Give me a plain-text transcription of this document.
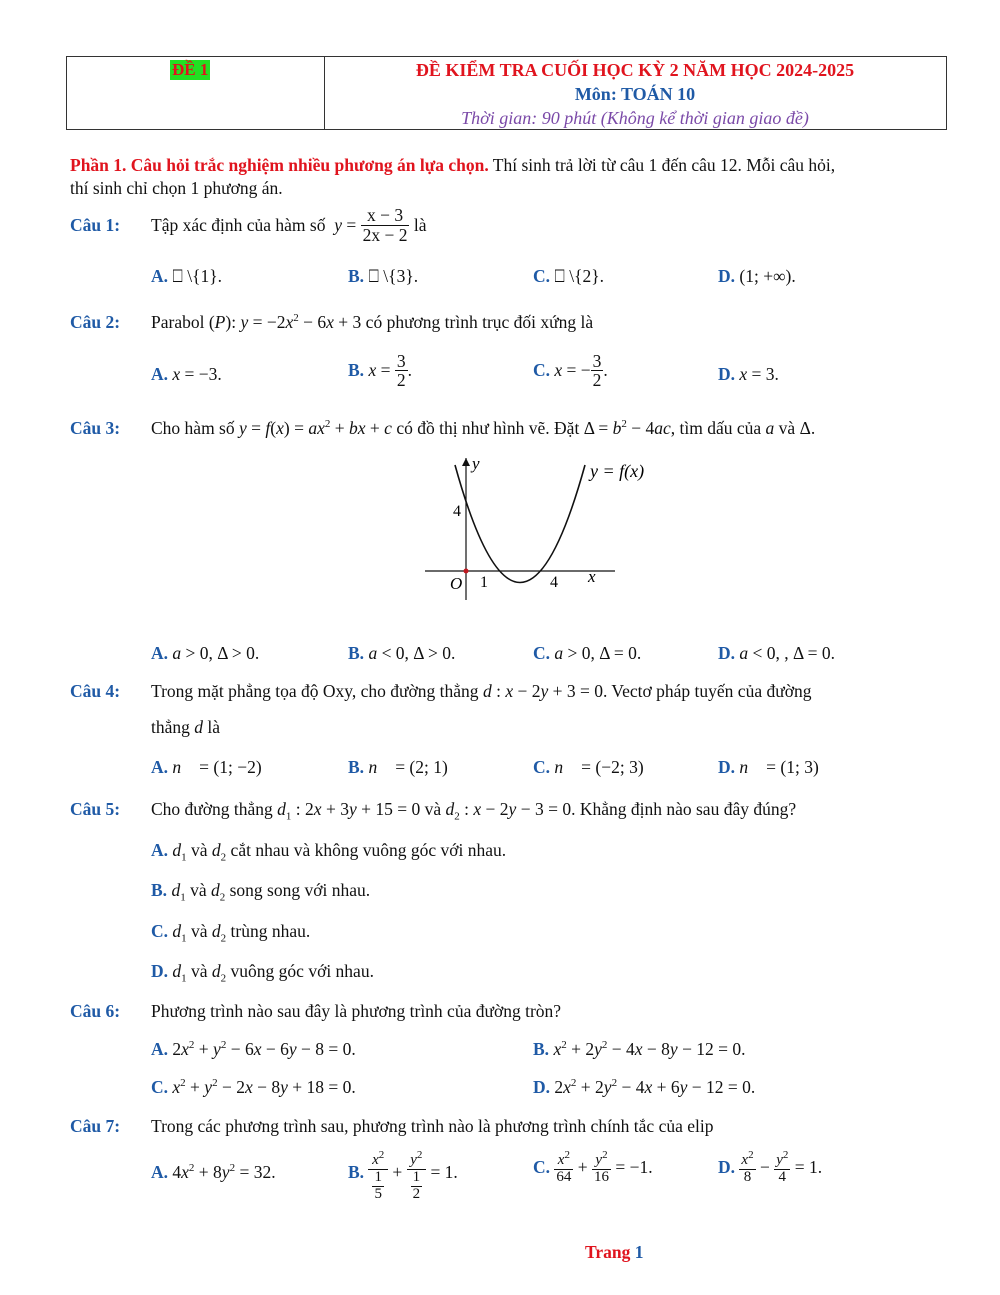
ĐỀ 1	ĐỀ KIỂM TRA CUỐI HỌC KỲ 2 NĂM HỌC 2024-2025
Môn: TOÁN 10
Thời gian: 90 phút (Không kể thời gian giao đề)
Phần 1. Câu hỏi trắc nghiệm nhiều phương án lựa chọn. Thí sinh trả lời từ câu 1 đến câu 12. Mỗi câu hỏi,
thí sinh chỉ chọn 1 phương án.
Câu 1: Tập xác định của hàm số
$y = \frac{x - 3}{2x - 2}$
là
A. ⎕ \{1}.	B. ⎕ \{3}.	C. ⎕ \{2}.	D. (1; +∞).
Câu 2: Parabol (P): $y = -2x^2 - 6x + 3$ có phương trình trục đối xứng là
A. x = −3.	B.
$x = \frac{3}{2}$ .	C.
x = − $\frac{3}{2}$ .	D. x = 3.
Câu 3: Cho hàm số $y = f(x) = ax^2$ + bx + c có đồ thị như hình vẽ. Đặt $\Delta = b^2 - 4ac$, tìm dấu của a và Δ.
y
x
O
4
1	4
y = f(x)
A. a > 0, Δ > 0.	B. a < 0, Δ > 0.	C. a > 0, Δ = 0.	D. a < 0, , Δ = 0.
Câu 4: Trong mặt phẳng tọa độ Oxy, cho đường thẳng d : x − 2y + 3 = 0. Vectơ pháp tuyến của đường
thẳng d là
A. n⃗ = (1; −2)	B. n⃗ = (2; 1)	C. n⃗ = (−2; 3)	D. n⃗ = (1; 3)
Câu 5: Cho đường thẳng $d_1$ : 2x + 3y + 15 = 0 và $d_2$ : x − 2y − 3 = 0. Khẳng định nào sau đây đúng?
A. $d_1$ và $d_2$ cắt nhau và không vuông góc với nhau.
B. $d_1$ và $d_2$ song song với nhau.
C. $d_1$ và $d_2$ trùng nhau.
D. $d_1$ và $d_2$ vuông góc với nhau.
Câu 6: Phương trình nào sau đây là phương trình của đường tròn?
A. $2x^2 + y^2 - 6x - 6y - 8 = 0$.	B. $x^2 + 2y^2 - 4x - 8y - 12 = 0$.
C. $x^2 + y^2 - 2x - 8y + 18 = 0$.	D. $2x^2 + 2y^2 - 4x + 6y - 12 = 0$.
Câu 7: Trong các phương trình sau, phương trình nào là phương trình chính tắc của elip
A. $4x^2 + 8y^2 = 32$.	B.
$x^2$
1
$5 + y^2$
1
2 = 1.	C.
$\frac{x^2}{64} + \frac{y^2}{16} = -1$.	D.
$\frac{x^2}{8} - \frac{y^2}{4} = 1$.
Trang 1
